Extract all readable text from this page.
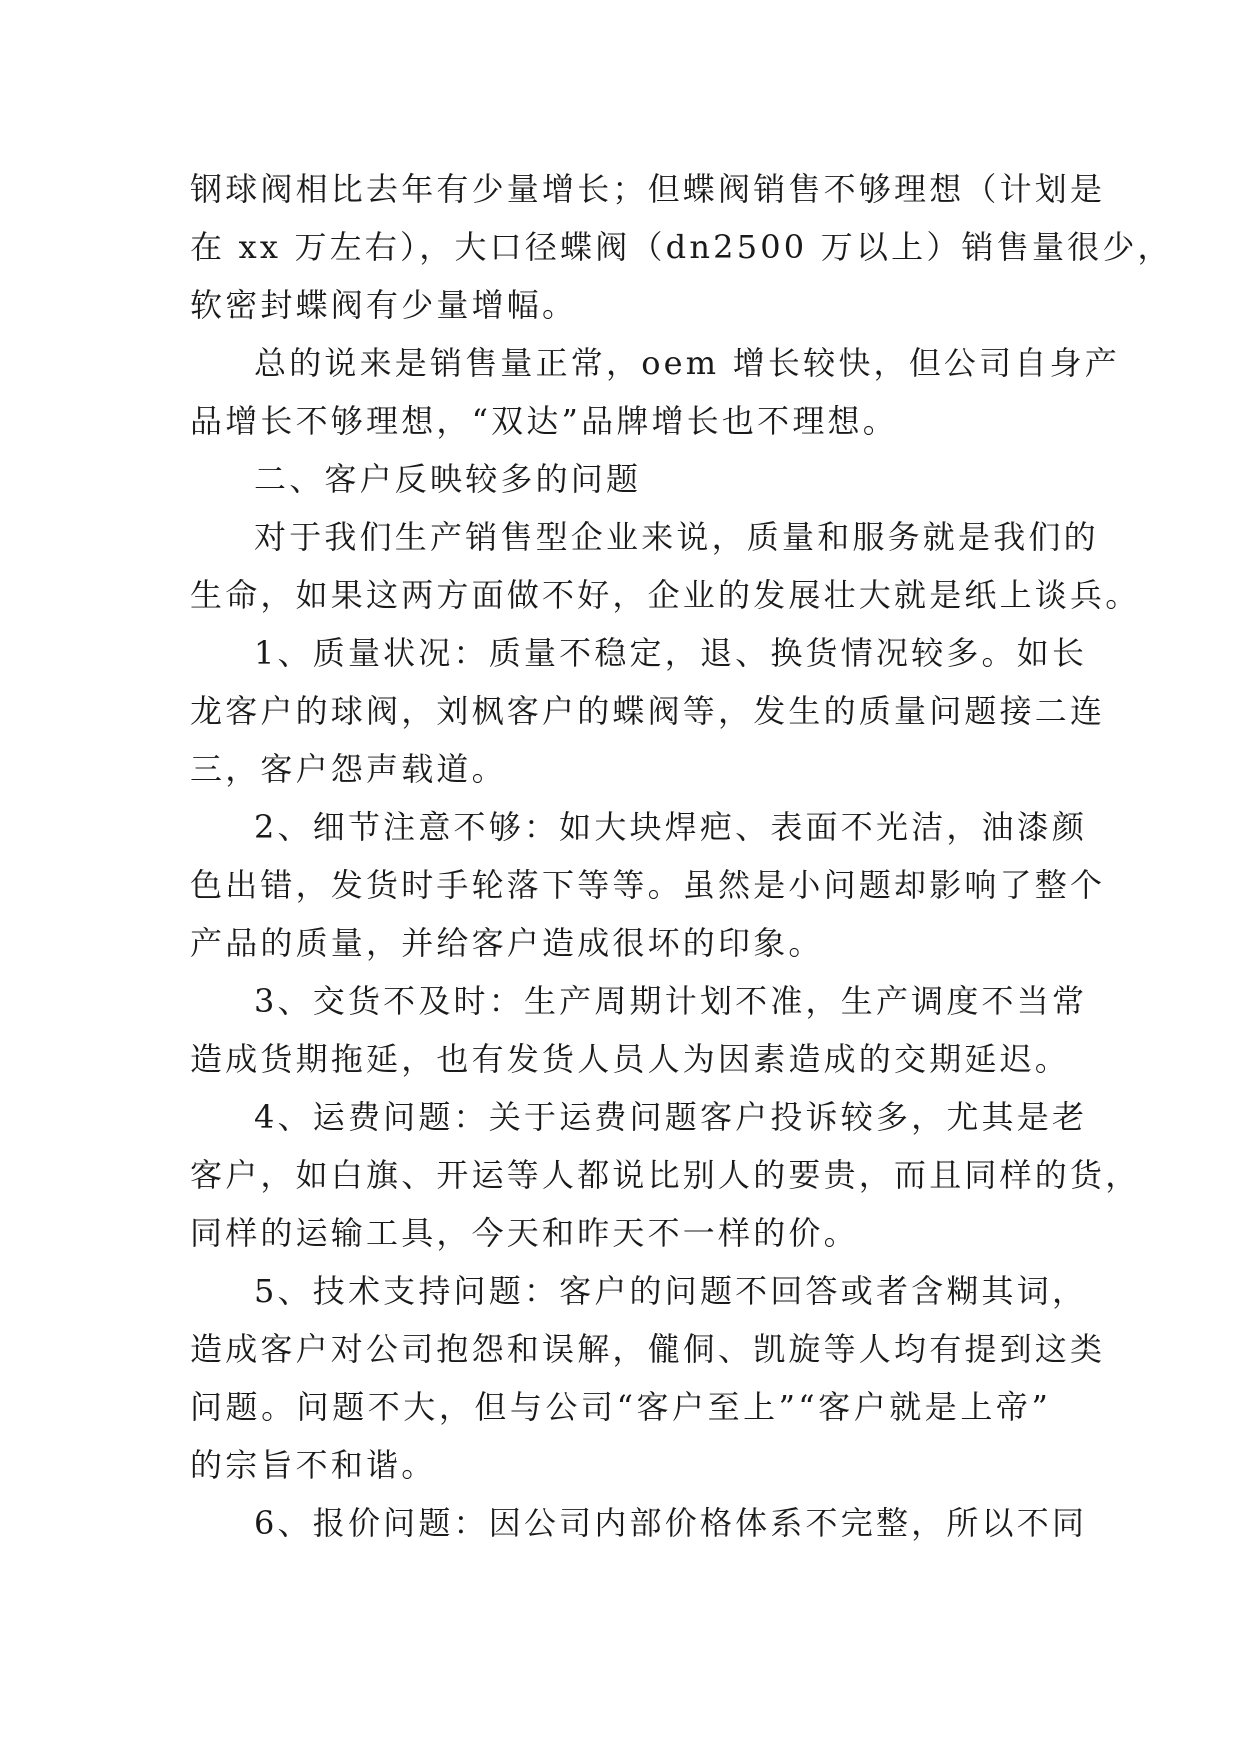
钢球阀相比去年有少量增长；但蝶阀销售不够理想（计划是
在 xx 万左右），大口径蝶阀（dn2500 万以上）销售量很少，
软密封蝶阀有少量增幅。
总的说来是销售量正常，oem 增长较快，但公司自身产
品增长不够理想，“双达”品牌增长也不理想。
二、客户反映较多的问题
对于我们生产销售型企业来说，质量和服务就是我们的
生命，如果这两方面做不好，企业的发展壮大就是纸上谈兵。
1、质量状况：质量不稳定，退、换货情况较多。如长
龙客户的球阀，刘枫客户的蝶阀等，发生的质量问题接二连
三，客户怨声载道。
2、细节注意不够：如大块焊疤、表面不光洁，油漆颜
色出错，发货时手轮落下等等。虽然是小问题却影响了整个
产品的质量，并给客户造成很坏的印象。
3、交货不及时：生产周期计划不准，生产调度不当常
造成货期拖延，也有发货人员人为因素造成的交期延迟。
4、运费问题：关于运费问题客户投诉较多，尤其是老
客户，如白旗、开运等人都说比别人的要贵，而且同样的货，
同样的运输工具，今天和昨天不一样的价。
5、技术支持问题：客户的问题不回答或者含糊其词，
造成客户对公司抱怨和误解，儱侗、凯旋等人均有提到这类
问题。问题不大，但与公司“客户至上”“客户就是上帝”
的宗旨不和谐。
6、报价问题：因公司内部价格体系不完整，所以不同
